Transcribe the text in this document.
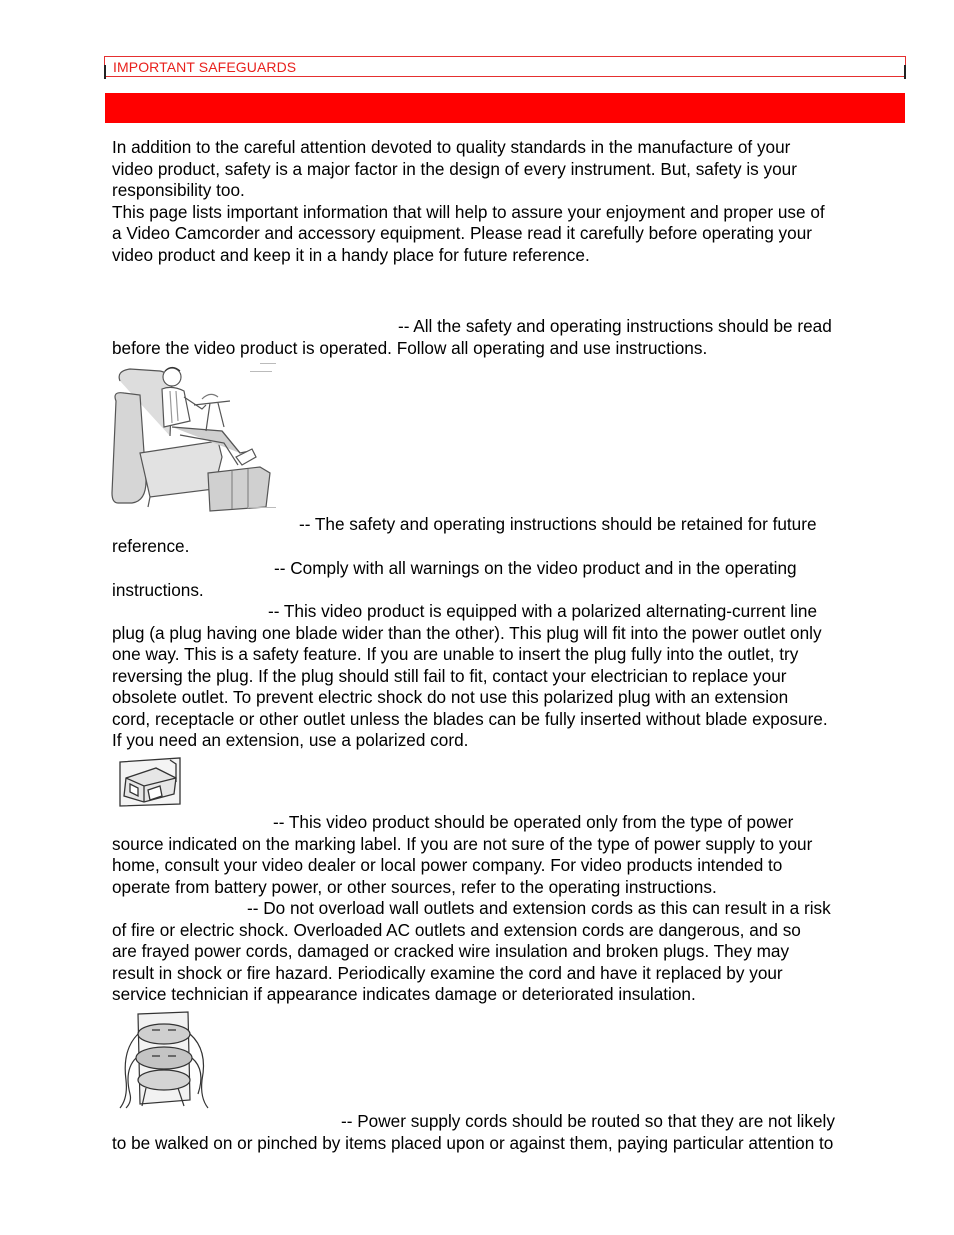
IMPORTANT SAFEGUARDS
In addition to the careful attention devoted to quality standards in the manufacture of your
video product, safety is a major factor in the design of every instrument. But, safety is your
responsibility too.
This page lists important information that will help to assure your enjoyment and proper use of
a Video Camcorder and accessory equipment. Please read it carefully before operating your
video product and keep it in a handy place for future reference.
-- All the safety and operating instructions should be read
before the video product is operated. Follow all operating and use instructions.
-- The safety and operating instructions should be retained for future
reference.
-- Comply with all warnings on the video product and in the operating
instructions.
-- This video product is equipped with a polarized alternating-current line
plug (a plug having one blade wider than the other). This plug will fit into the power outlet only
one way. This is a safety feature. If you are unable to insert the plug fully into the outlet, try
reversing the plug. If the plug should still fail to fit, contact your electrician to replace your
obsolete outlet. To prevent electric shock do not use this polarized plug with an extension
cord, receptacle or other outlet unless the blades can be fully inserted without blade exposure.
If you need an extension, use a polarized cord.
-- This video product should be operated only from the type of power
source indicated on the marking label. If you are not sure of the type of power supply to your
home, consult your video dealer or local power company. For video products intended to
operate from battery power, or other sources, refer to the operating instructions.
-- Do not overload wall outlets and extension cords as this can result in a risk
of fire or electric shock. Overloaded AC outlets and extension cords are dangerous, and so
are frayed power cords, damaged or cracked wire insulation and broken plugs. They may
result in shock or fire hazard. Periodically examine the cord and have it replaced by your
service technician if appearance indicates damage or deteriorated insulation.
-- Power supply cords should be routed so that they are not likely
to be walked on or pinched by items placed upon or against them, paying particular attention to
